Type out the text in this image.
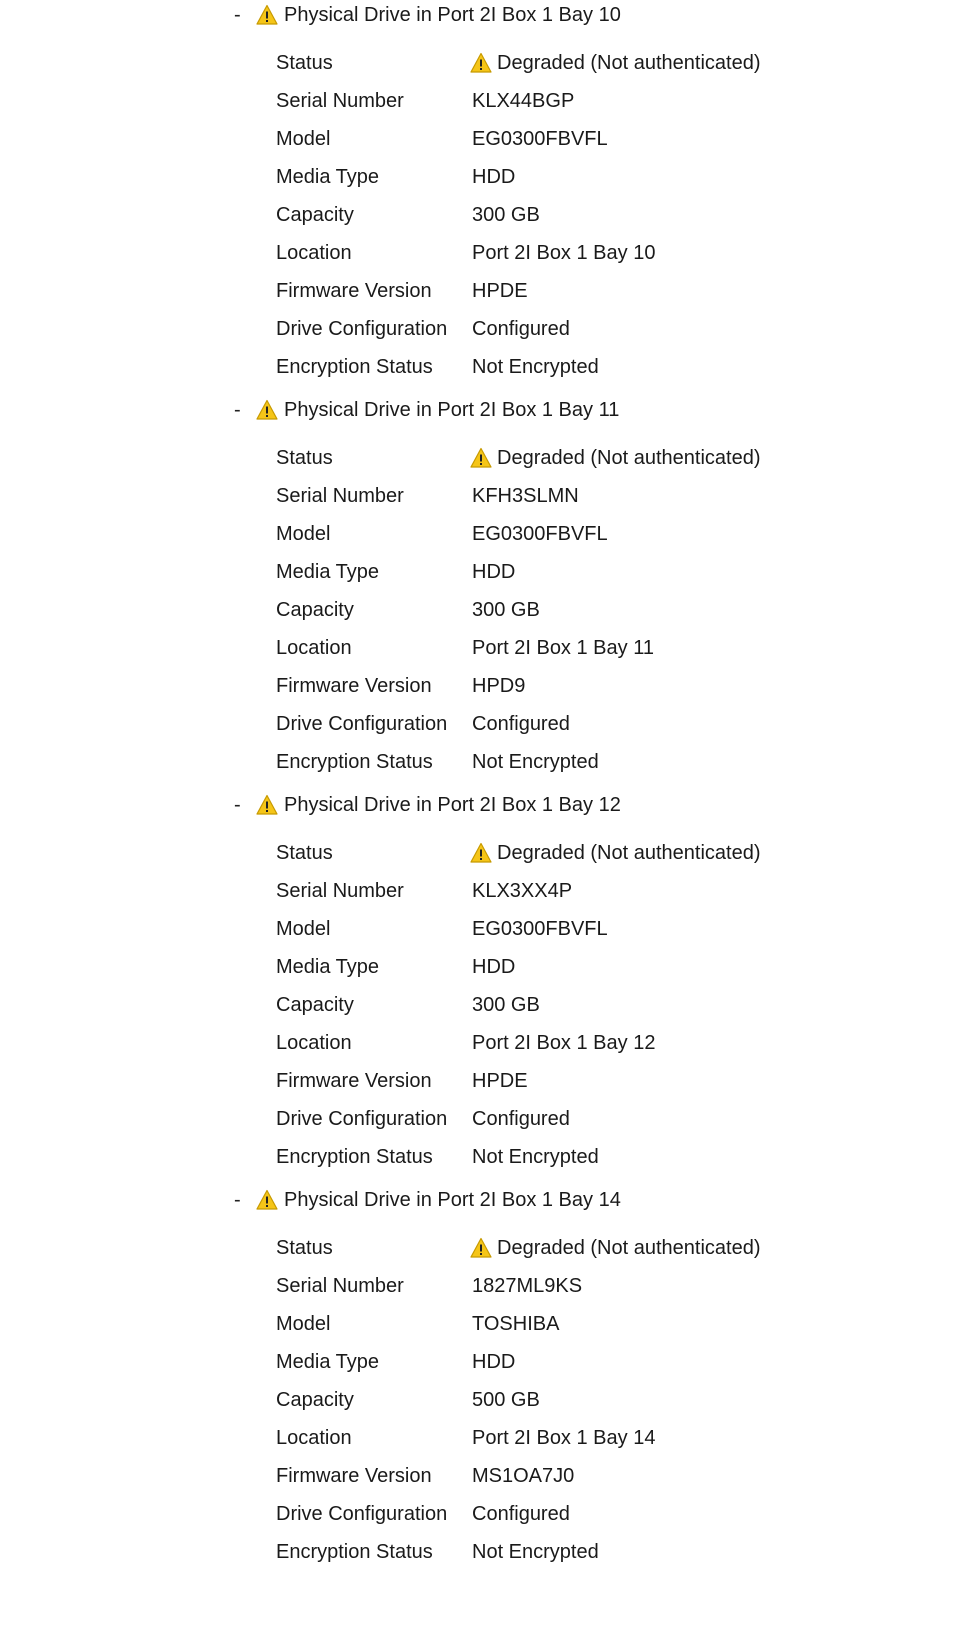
-	Physical Drive in Port 2I Box 1 Bay 10
Status	Degraded (Not authenticated)
Serial Number	KLX44BGP
Model	EG0300FBVFL
Media Type	HDD
Capacity	300 GB
Location	Port 2I Box 1 Bay 10
Firmware Version	HPDE
Drive Configuration	Configured
Encryption Status	Not Encrypted
-	Physical Drive in Port 2I Box 1 Bay 11
Status	Degraded (Not authenticated)
Serial Number	KFH3SLMN
Model	EG0300FBVFL
Media Type	HDD
Capacity	300 GB
Location	Port 2I Box 1 Bay 11
Firmware Version	HPD9
Drive Configuration	Configured
Encryption Status	Not Encrypted
-	Physical Drive in Port 2I Box 1 Bay 12
Status	Degraded (Not authenticated)
Serial Number	KLX3XX4P
Model	EG0300FBVFL
Media Type	HDD
Capacity	300 GB
Location	Port 2I Box 1 Bay 12
Firmware Version	HPDE
Drive Configuration	Configured
Encryption Status	Not Encrypted
-	Physical Drive in Port 2I Box 1 Bay 14
Status	Degraded (Not authenticated)
Serial Number	1827ML9KS
Model	TOSHIBA
Media Type	HDD
Capacity	500 GB
Location	Port 2I Box 1 Bay 14
Firmware Version	MS1OA7J0
Drive Configuration	Configured
Encryption Status	Not Encrypted
